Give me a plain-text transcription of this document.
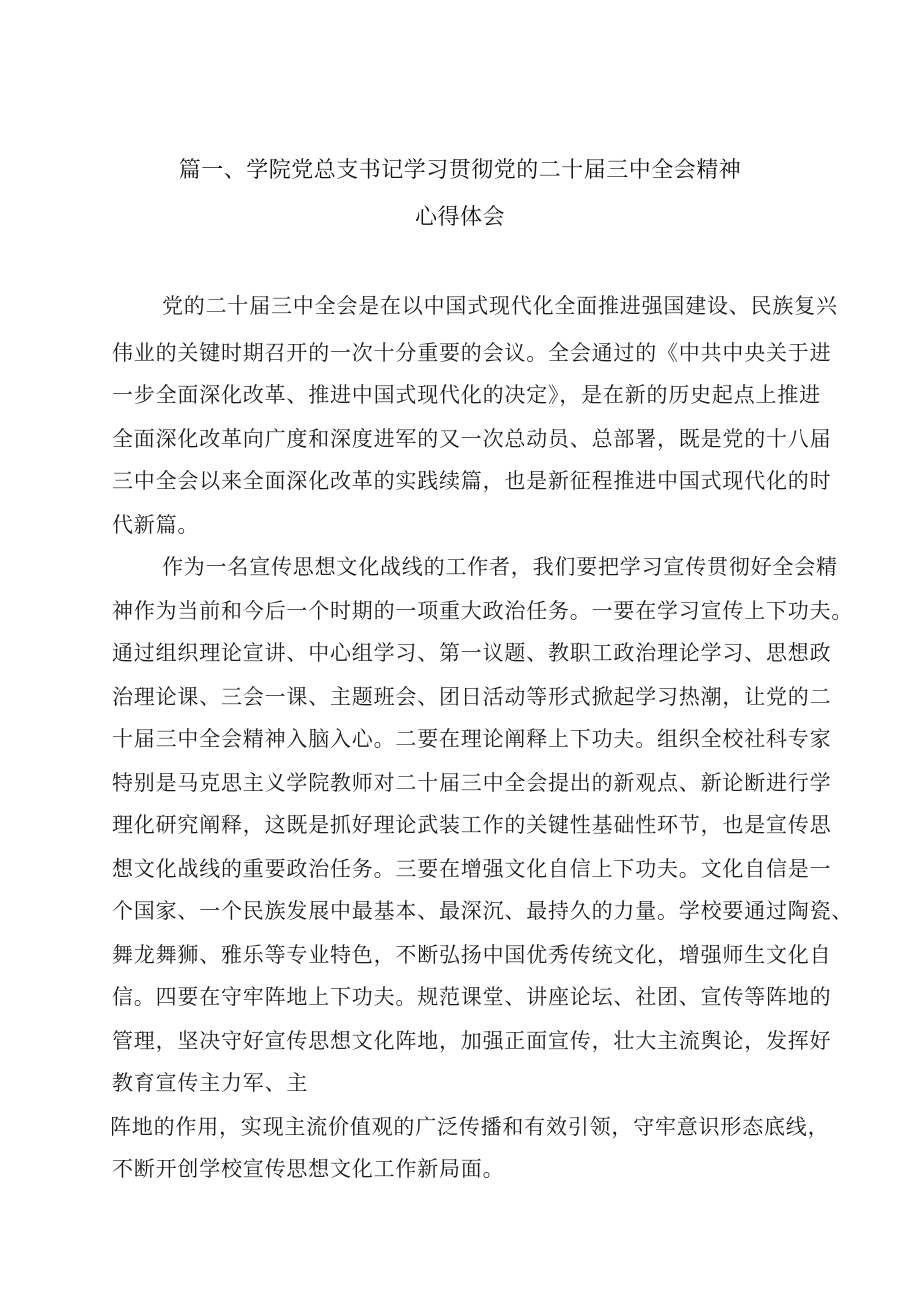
篇一、学院党总支书记学习贯彻党的二十届三中全会精神
心得体会
党的二十届三中全会是在以中国式现代化全面推进强国建设、民族复兴
伟业的关键时期召开的一次十分重要的会议。全会通过的《中共中央关于进
一步全面深化改革、推进中国式现代化的决定》，是在新的历史起点上推进
全面深化改革向广度和深度进军的又一次总动员、总部署，既是党的十八届
三中全会以来全面深化改革的实践续篇，也是新征程推进中国式现代化的时
代新篇。
作为一名宣传思想文化战线的工作者，我们要把学习宣传贯彻好全会精
神作为当前和今后一个时期的一项重大政治任务。一要在学习宣传上下功夫。
通过组织理论宣讲、中心组学习、第一议题、教职工政治理论学习、思想政
治理论课、三会一课、主题班会、团日活动等形式掀起学习热潮，让党的二
十届三中全会精神入脑入心。二要在理论阐释上下功夫。组织全校社科专家
特别是马克思主义学院教师对二十届三中全会提出的新观点、新论断进行学
理化研究阐释，这既是抓好理论武装工作的关键性基础性环节，也是宣传思
想文化战线的重要政治任务。三要在增强文化自信上下功夫。文化自信是一
个国家、一个民族发展中最基本、最深沉、最持久的力量。学校要通过陶瓷、
舞龙舞狮、雅乐等专业特色，不断弘扬中国优秀传统文化，增强师生文化自
信。四要在守牢阵地上下功夫。规范课堂、讲座论坛、社团、宣传等阵地的
管理，坚决守好宣传思想文化阵地，加强正面宣传，壮大主流舆论，发挥好
教育宣传主力军、主
阵地的作用，实现主流价值观的广泛传播和有效引领，守牢意识形态底线，
不断开创学校宣传思想文化工作新局面。
